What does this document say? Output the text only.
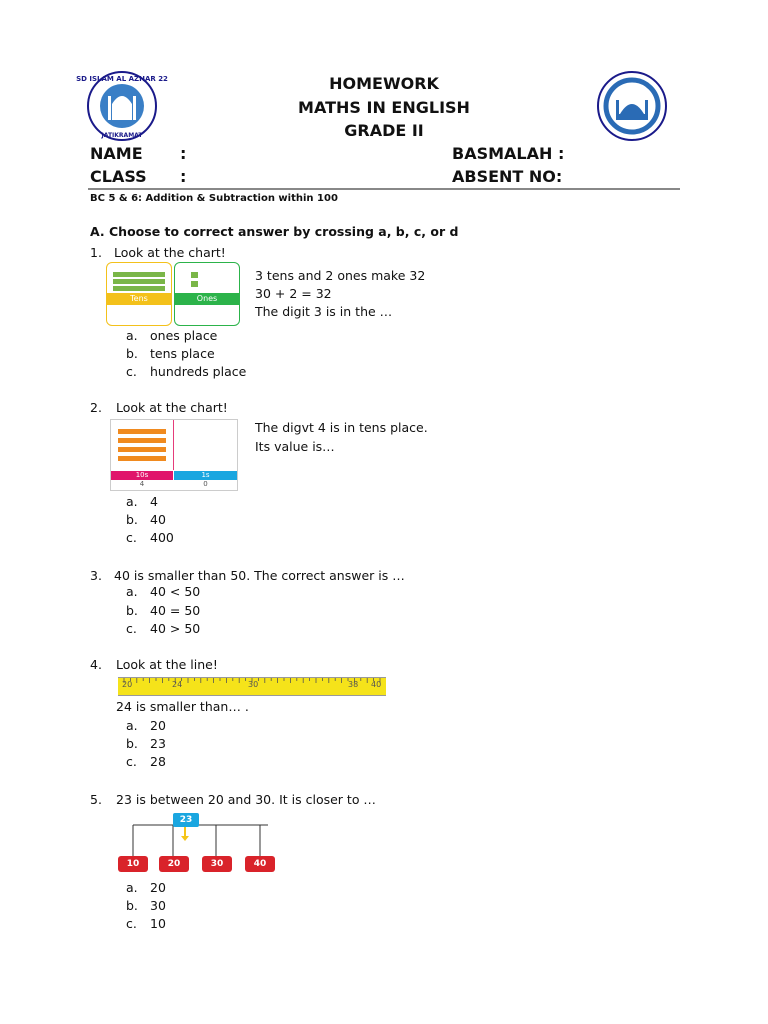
SD ISLAM AL AZHAR 22
JATIKRAMAT
HOMEWORK
MATHS IN ENGLISH
GRADE II
NAME :
CLASS :
BASMALAH :
ABSENT NO:
BC 5 & 6: Addition & Subtraction within 100
A. Choose to correct answer by crossing a, b, c, or d
1. Look at the chart!
Tens	Ones
3 tens and 2 ones make 32
30 + 2 = 32
The digit 3 is in the …
a. ones place
b. tens place
c. hundreds place
2. Look at the chart!
10s	1s
4	0
The digvt 4 is in tens place.
Its value is…
a. 4
b. 40
c. 400
3. 40 is smaller than 50. The correct answer is …
a. 40 < 50
b. 40 = 50
c. 40 > 50
4. Look at the line!
20	24	30	38 40
24 is smaller than… .
a. 20
b. 23
c. 28
5. 23 is between 20 and 30. It is closer to …
23
10	20	30	40
a. 20
b. 30
c. 10
